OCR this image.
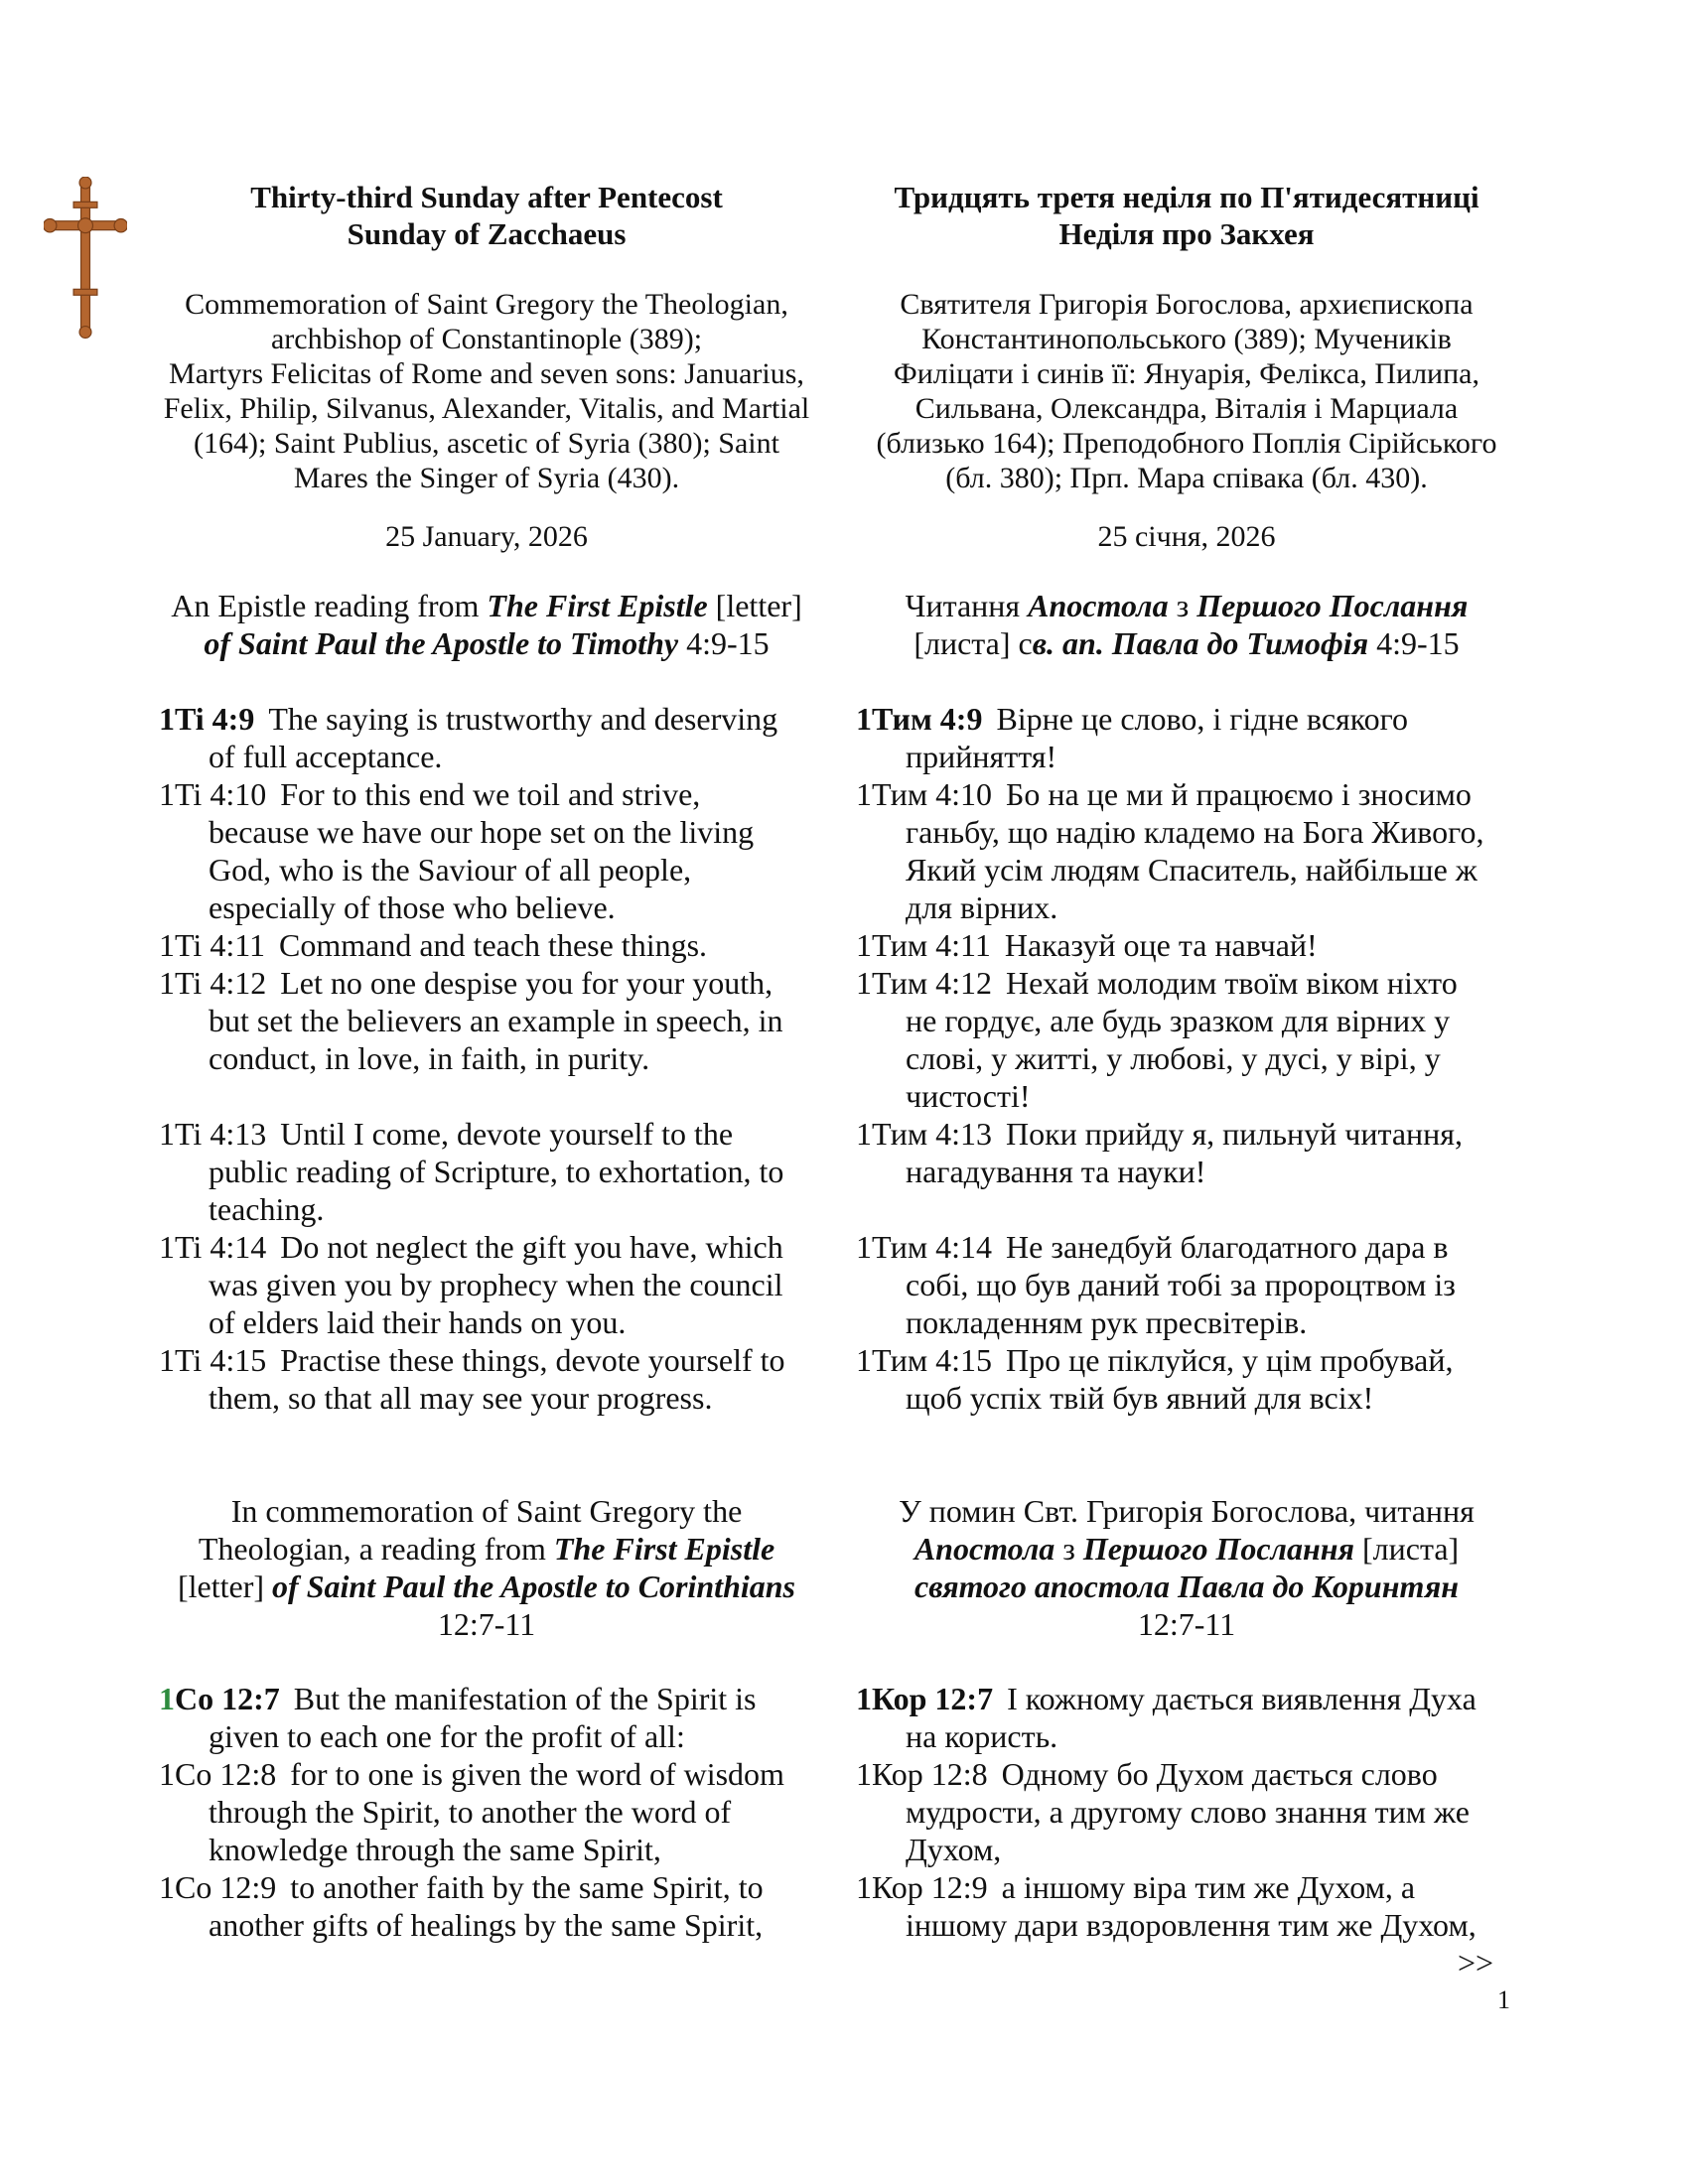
Thirty-third Sunday after Pentecost
Sunday of Zacchaeus
Тридцять третя неділя по П'ятидесятниці
Неділя про Закхея
Commemoration of Saint Gregory the Theologian,
archbishop of Constantinople (389);
Martyrs Felicitas of Rome and seven sons: Januarius,
Felix, Philip, Silvanus, Alexander, Vitalis, and Martial
(164); Saint Publius, ascetic of Syria (380); Saint
Mares the Singer of Syria (430).
Святителя Григорія Богослова, архиєпископа
Константинопольського (389); Мучеників
Филіцати і синів її: Януарія, Фелікса, Пилипа,
Сильвана, Олександра, Віталія і Марциала
(близько 164); Преподобного Поплія Сірійського
(бл. 380); Прп. Мара співака (бл. 430).
25 January, 2026	25 січня, 2026
An Epistle reading from The First Epistle [letter]
of Saint Paul the Apostle to Timothy 4:9-15
Читання Апостола з Першого Послання
[листа] св. ап. Павла до Тимофія 4:9-15
1Ti 4:9 The saying is trustworthy and deserving
of full acceptance.
1Ti 4:10 For to this end we toil and strive,
because we have our hope set on the living
God, who is the Saviour of all people,
especially of those who believe.
1Ti 4:11 Command and teach these things.
1Ti 4:12 Let no one despise you for your youth,
but set the believers an example in speech, in
conduct, in love, in faith, in purity.
1Ti 4:13 Until I come, devote yourself to the
public reading of Scripture, to exhortation, to
teaching.
1Ti 4:14 Do not neglect the gift you have, which
was given you by prophecy when the council
of elders laid their hands on you.
1Ti 4:15 Practise these things, devote yourself to
them, so that all may see your progress.
1Тим 4:9 Вірне це слово, і гідне всякого
прийняття!
1Тим 4:10 Бо на це ми й працюємо і зносимо
ганьбу, що надію кладемо на Бога Живого,
Який усім людям Спаситель, найбільше ж
для вірних.
1Тим 4:11 Наказуй оце та навчай!
1Тим 4:12 Нехай молодим твоїм віком ніхто
не гордує, але будь зразком для вірних у
слові, у житті, у любові, у дусі, у вірі, у
чистості!
1Тим 4:13 Поки прийду я, пильнуй читання,
нагадування та науки!
1Тим 4:14 Не занедбуй благодатного дара в
собі, що був даний тобі за пророцтвом із
покладенням рук пресвітерів.
1Тим 4:15 Про це піклуйся, у цім пробувай,
щоб успіх твій був явний для всіх!
In commemoration of Saint Gregory the
Theologian, a reading from The First Epistle
[letter] of Saint Paul the Apostle to Corinthians
12:7-11
У помин Свт. Григорія Богослова, читання
Апостола з Першого Послання [листа]
святого апостола Павла до Коринтян
12:7-11
1Co 12:7 But the manifestation of the Spirit is
given to each one for the profit of all:
1Co 12:8 for to one is given the word of wisdom
through the Spirit, to another the word of
knowledge through the same Spirit,
1Co 12:9 to another faith by the same Spirit, to
another gifts of healings by the same Spirit,
1Кор 12:7 І кожному дається виявлення Духа
на користь.
1Кор 12:8 Одному бо Духом дається слово
мудрости, а другому слово знання тим же
Духом,
1Кор 12:9 а іншому віра тим же Духом, а
іншому дари вздоровлення тим же Духом,
>>
1
